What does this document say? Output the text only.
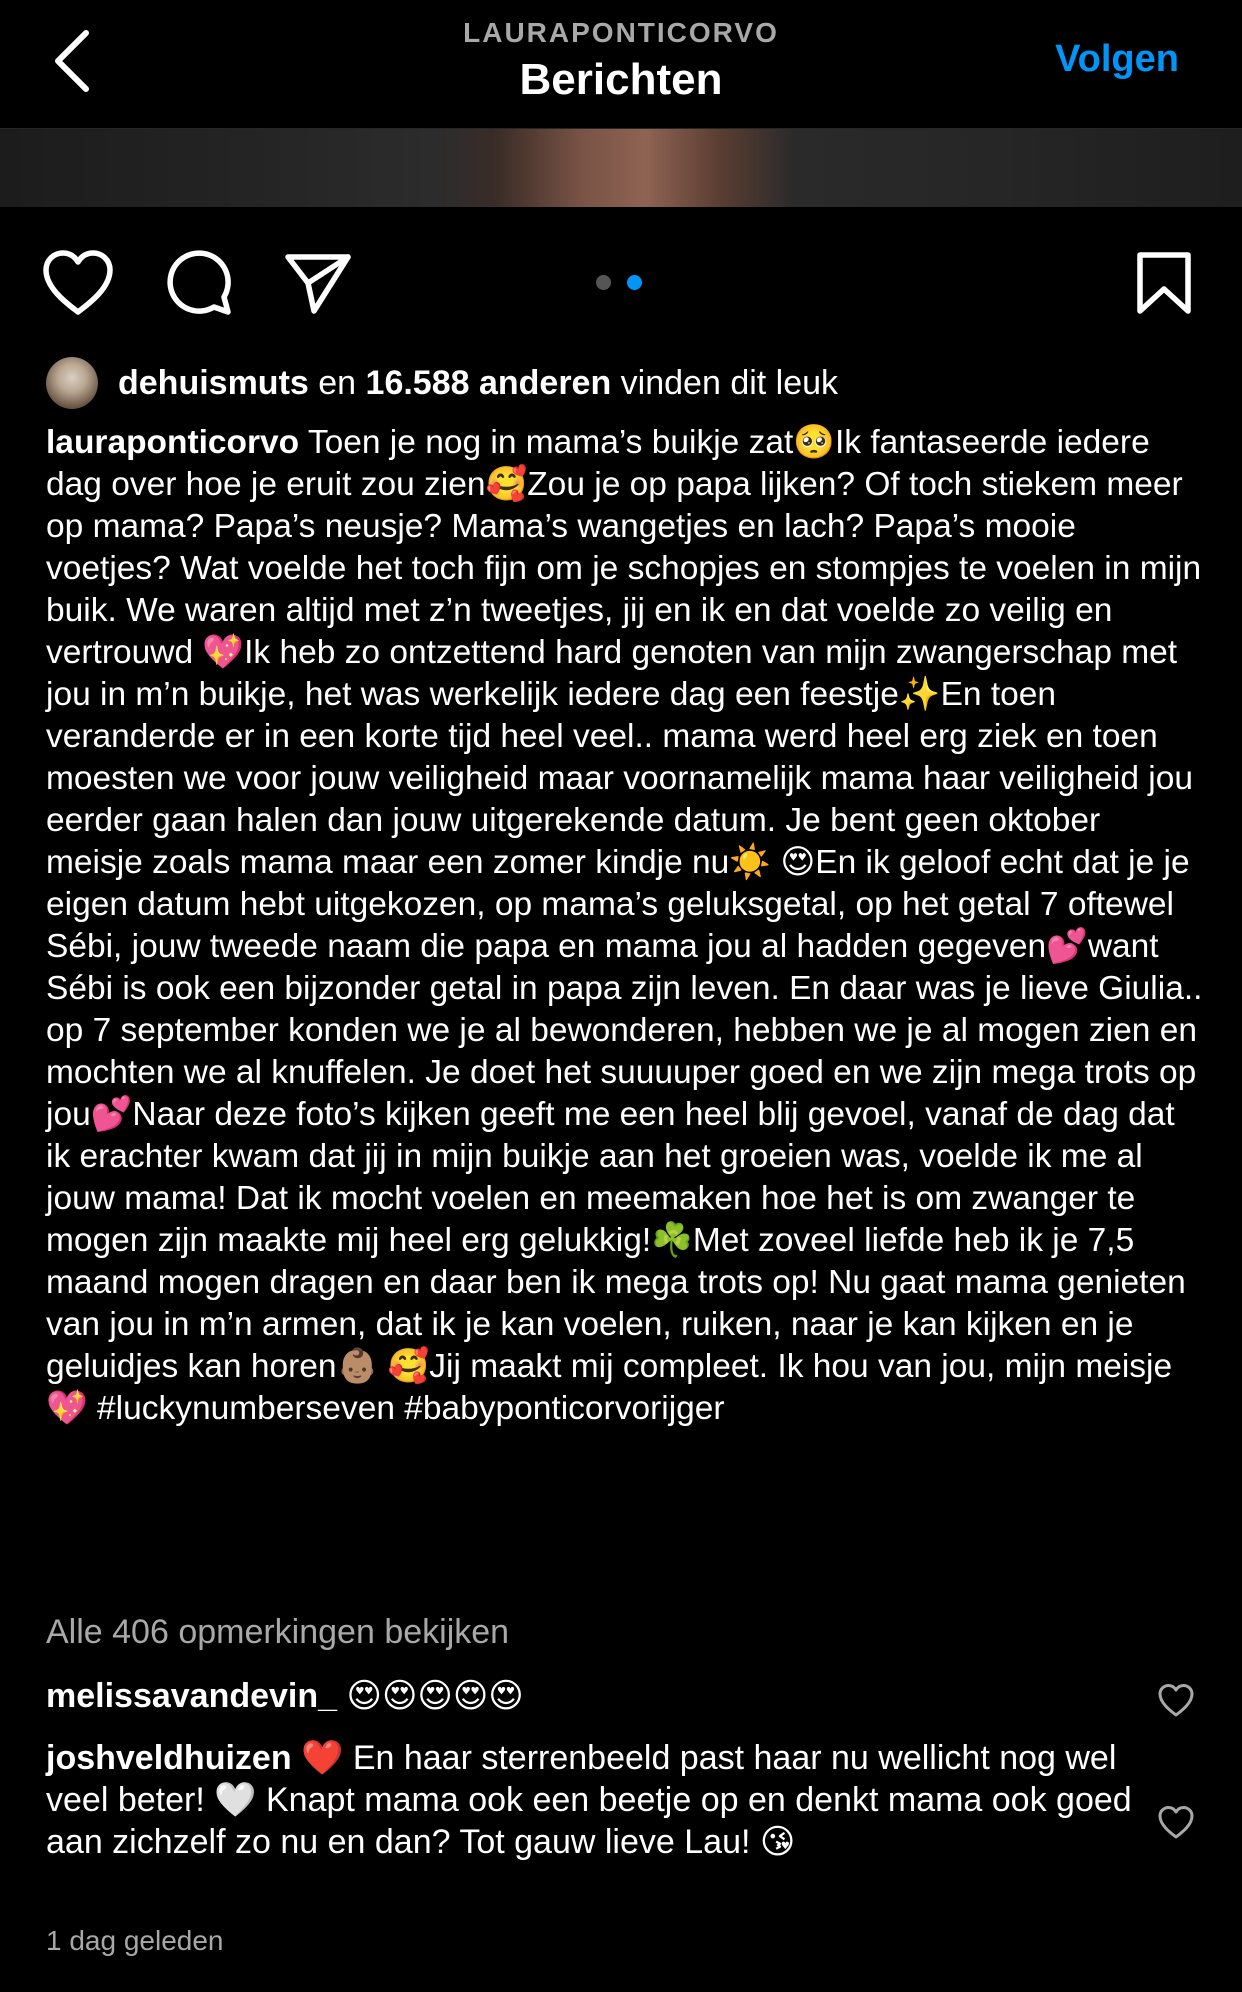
LAURAPONTICORVO
Berichten	Volgen
dehuismuts en 16.588 anderen vinden dit leuk
lauraponticorvo Toen je nog in mama’s buikje zat🥺Ik fantaseerde iedere dag over hoe je eruit zou zien🥰Zou je op papa lijken? Of toch stiekem meer op mama? Papa’s neusje? Mama’s wangetjes en lach? Papa’s mooie voetjes? Wat voelde het toch fijn om je schopjes en stompjes te voelen in mijn buik. We waren altijd met z’n tweetjes, jij en ik en dat voelde zo veilig en vertrouwd 💖Ik heb zo ontzettend hard genoten van mijn zwangerschap met jou in m’n buikje, het was werkelijk iedere dag een feestje✨En toen veranderde er in een korte tijd heel veel.. mama werd heel erg ziek en toen moesten we voor jouw veiligheid maar voornamelijk mama haar veiligheid jou eerder gaan halen dan jouw uitgerekende datum. Je bent geen oktober meisje zoals mama maar een zomer kindje nu☀️ 😍En ik geloof echt dat je je eigen datum hebt uitgekozen, op mama’s geluksgetal, op het getal 7 oftewel Sébi, jouw tweede naam die papa en mama jou al hadden gegeven💕want Sébi is ook een bijzonder getal in papa zijn leven. En daar was je lieve Giulia.. op 7 september konden we je al bewonderen, hebben we je al mogen zien en mochten we al knuffelen. Je doet het suuuuper goed en we zijn mega trots op jou💕Naar deze foto’s kijken geeft me een heel blij gevoel, vanaf de dag dat ik erachter kwam dat jij in mijn buikje aan het groeien was, voelde ik me al jouw mama! Dat ik mocht voelen en meemaken hoe het is om zwanger te mogen zijn maakte mij heel erg gelukkig!☘️Met zoveel liefde heb ik je 7,5 maand mogen dragen en daar ben ik mega trots op! Nu gaat mama genieten van jou in m’n armen, dat ik je kan voelen, ruiken, naar je kan kijken en je geluidjes kan horen👶🏽 🥰Jij maakt mij compleet. Ik hou van jou, mijn meisje 💖 #luckynumberseven #babyponticorvorijger
Alle 406 opmerkingen bekijken
melissavandevin_ 😍😍😍😍😍
joshveldhuizen ❤️ En haar sterrenbeeld past haar nu wellicht nog wel veel beter! 🤍 Knapt mama ook een beetje op en denkt mama ook goed aan zichzelf zo nu en dan? Tot gauw lieve Lau! 😘
1 dag geleden
